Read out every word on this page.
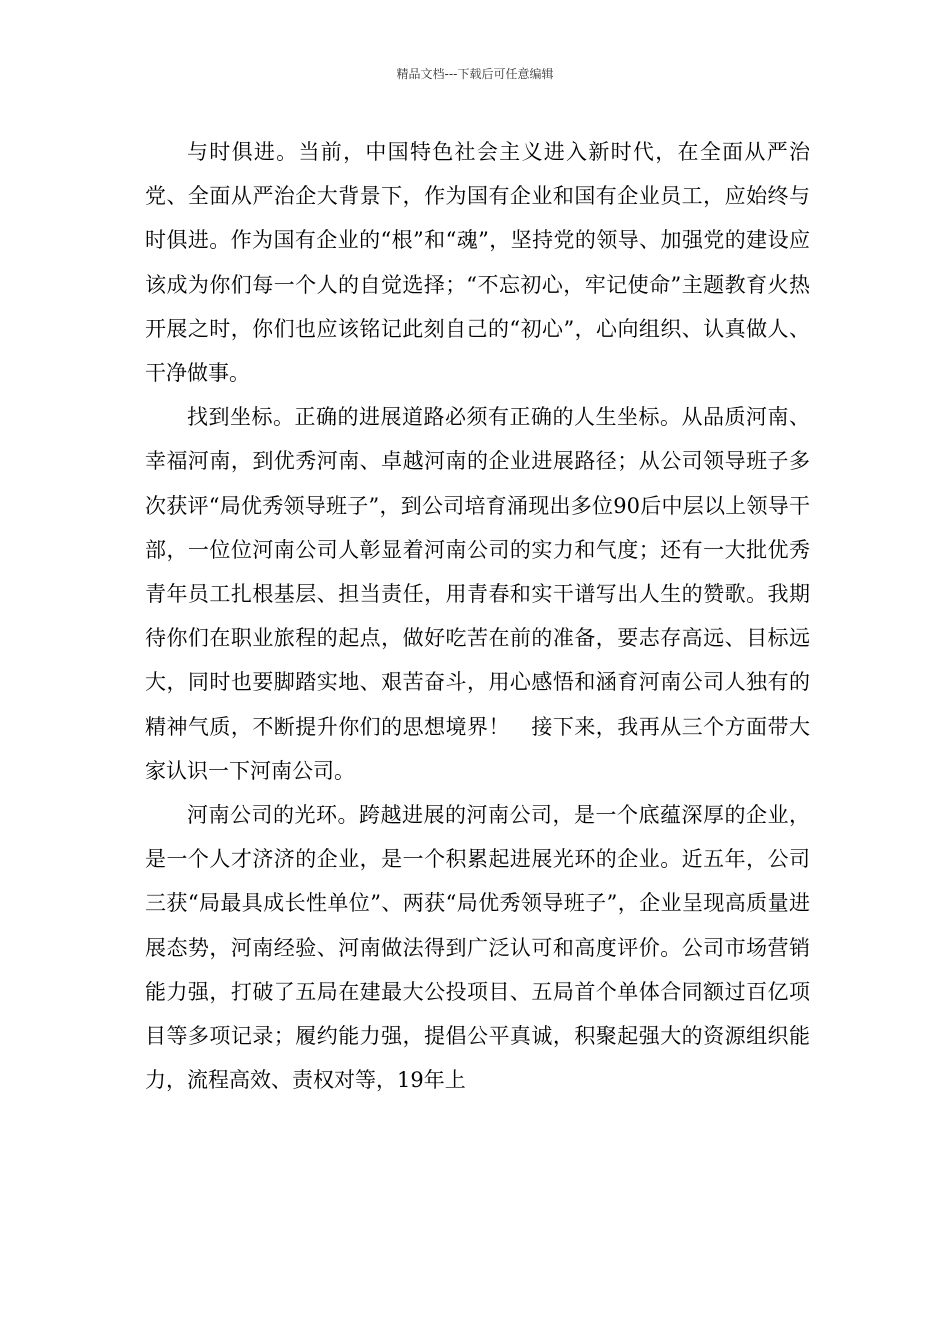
精品文档---下载后可任意编辑

与时俱进。当前，中国特色社会主义进入新时代，在全面从严治党、全面从严治企大背景下，作为国有企业和国有企业员工，应始终与时俱进。作为国有企业的“根”和“魂”，坚持党的领导、加强党的建设应该成为你们每一个人的自觉选择；“不忘初心，牢记使命”主题教育火热开展之时，你们也应该铭记此刻自己的“初心”，心向组织、认真做人、干净做事。

找到坐标。正确的进展道路必须有正确的人生坐标。从品质河南、幸福河南，到优秀河南、卓越河南的企业进展路径；从公司领导班子多次获评“局优秀领导班子”，到公司培育涌现出多位90后中层以上领导干部，一位位河南公司人彰显着河南公司的实力和气度；还有一大批优秀青年员工扎根基层、担当责任，用青春和实干谱写出人生的赞歌。我期待你们在职业旅程的起点，做好吃苦在前的准备，要志存高远、目标远大，同时也要脚踏实地、艰苦奋斗，用心感悟和涵育河南公司人独有的精神气质，不断提升你们的思想境界！　接下来，我再从三个方面带大家认识一下河南公司。

河南公司的光环。跨越进展的河南公司，是一个底蕴深厚的企业，是一个人才济济的企业，是一个积累起进展光环的企业。近五年，公司三获“局最具成长性单位”、两获“局优秀领导班子”，企业呈现高质量进展态势，河南经验、河南做法得到广泛认可和高度评价。公司市场营销能力强，打破了五局在建最大公投项目、五局首个单体合同额过百亿项目等多项记录；履约能力强，提倡公平真诚，积聚起强大的资源组织能力，流程高效、责权对等，19年上
